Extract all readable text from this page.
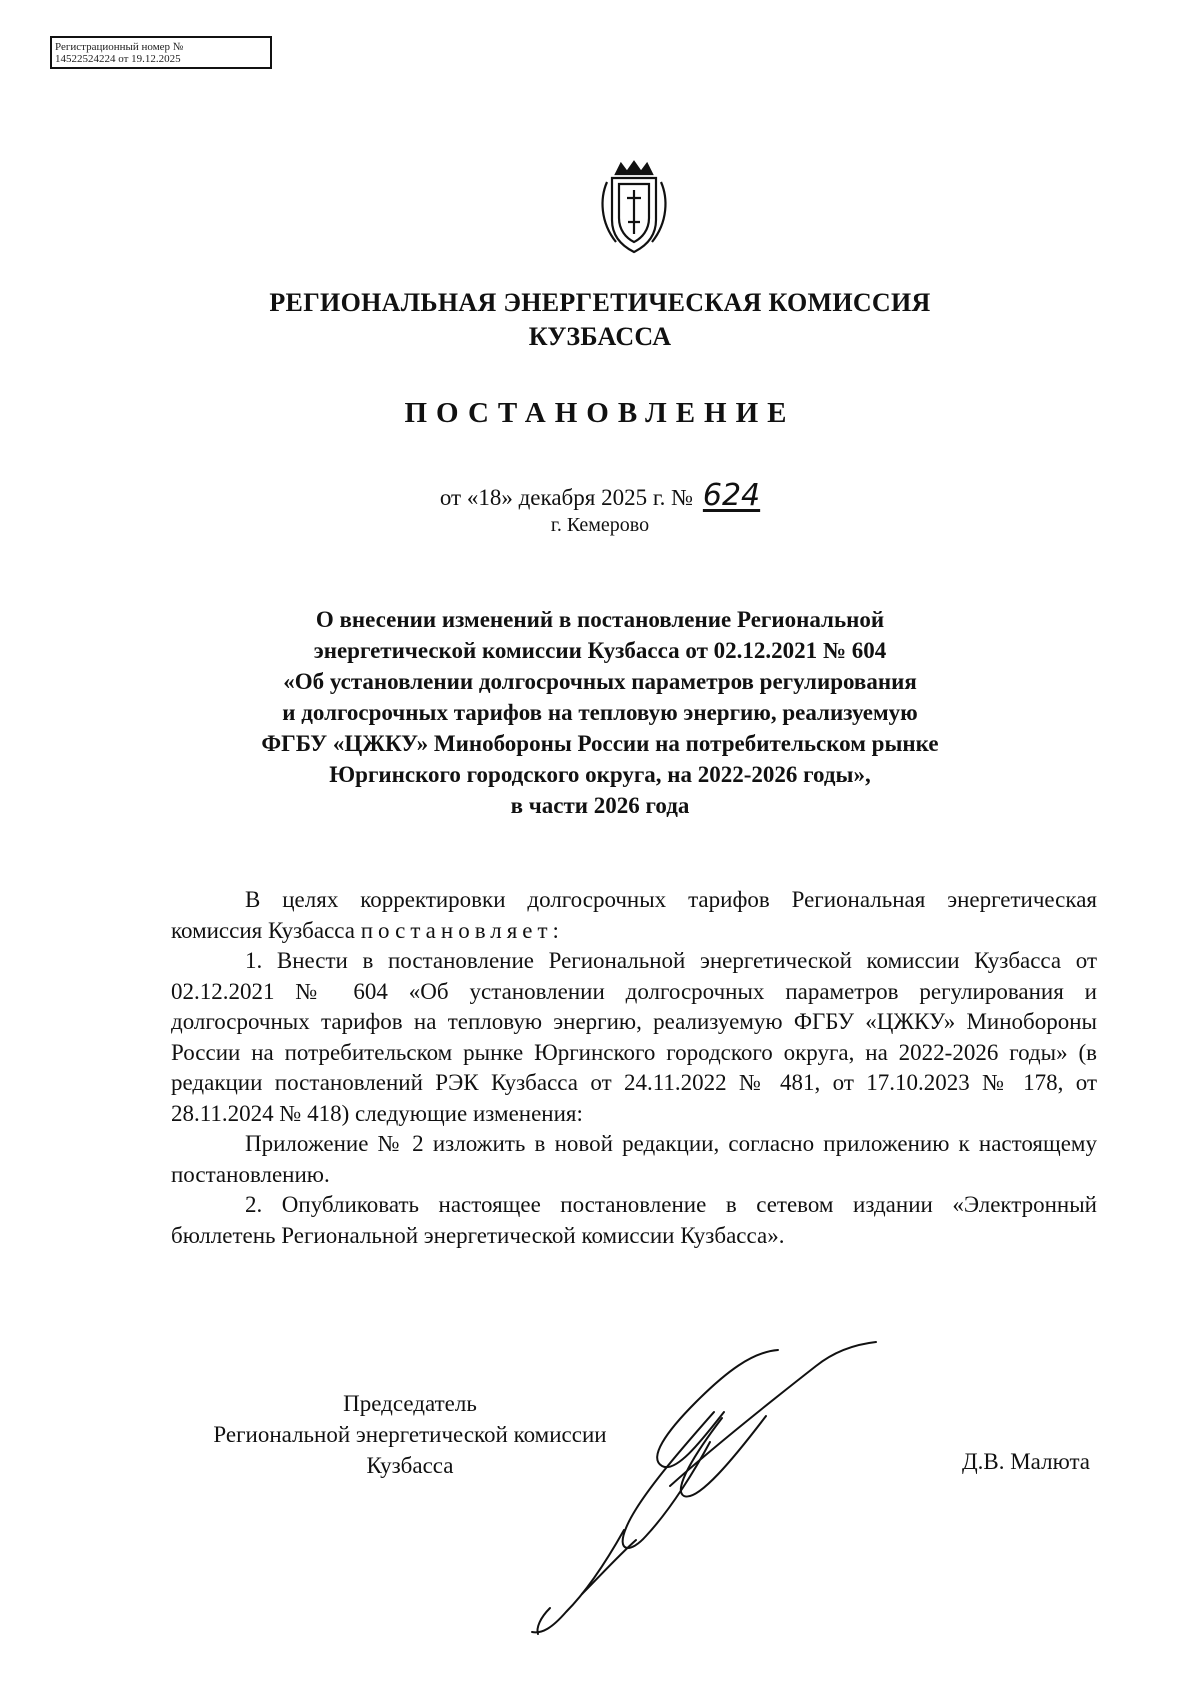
Регистрационный номер №
14522524224 от 19.12.2025
РЕГИОНАЛЬНАЯ ЭНЕРГЕТИЧЕСКАЯ КОМИССИЯ
КУЗБАССА
ПОСТАНОВЛЕНИЕ
от «18» декабря 2025 г. № 624
г. Кемерово
О внесении изменений в постановление Региональной
энергетической комиссии Кузбасса от 02.12.2021 № 604
«Об установлении долгосрочных параметров регулирования
и долгосрочных тарифов на тепловую энергию, реализуемую
ФГБУ «ЦЖКУ» Минобороны России на потребительском рынке
Юргинского городского округа, на 2022-2026 годы»,
в части 2026 года

В целях корректировки долгосрочных тарифов Региональная энергетическая комиссия Кузбасса постановляет:

1. Внести в постановление Региональной энергетической комиссии Кузбасса от 02.12.2021 № 604 «Об установлении долгосрочных параметров регулирования и долгосрочных тарифов на тепловую энергию, реализуемую ФГБУ «ЦЖКУ» Минобороны России на потребительском рынке Юргинского городского округа, на 2022-2026 годы» (в редакции постановлений РЭК Кузбасса от 24.11.2022 № 481, от 17.10.2023 № 178, от 28.11.2024 № 418) следующие изменения:

Приложение № 2 изложить в новой редакции, согласно приложению к настоящему постановлению.

2. Опубликовать настоящее постановление в сетевом издании «Электронный бюллетень Региональной энергетической комиссии Кузбасса».

Председатель
Региональной энергетической комиссии
Кузбасса	Д.В. Малюта
